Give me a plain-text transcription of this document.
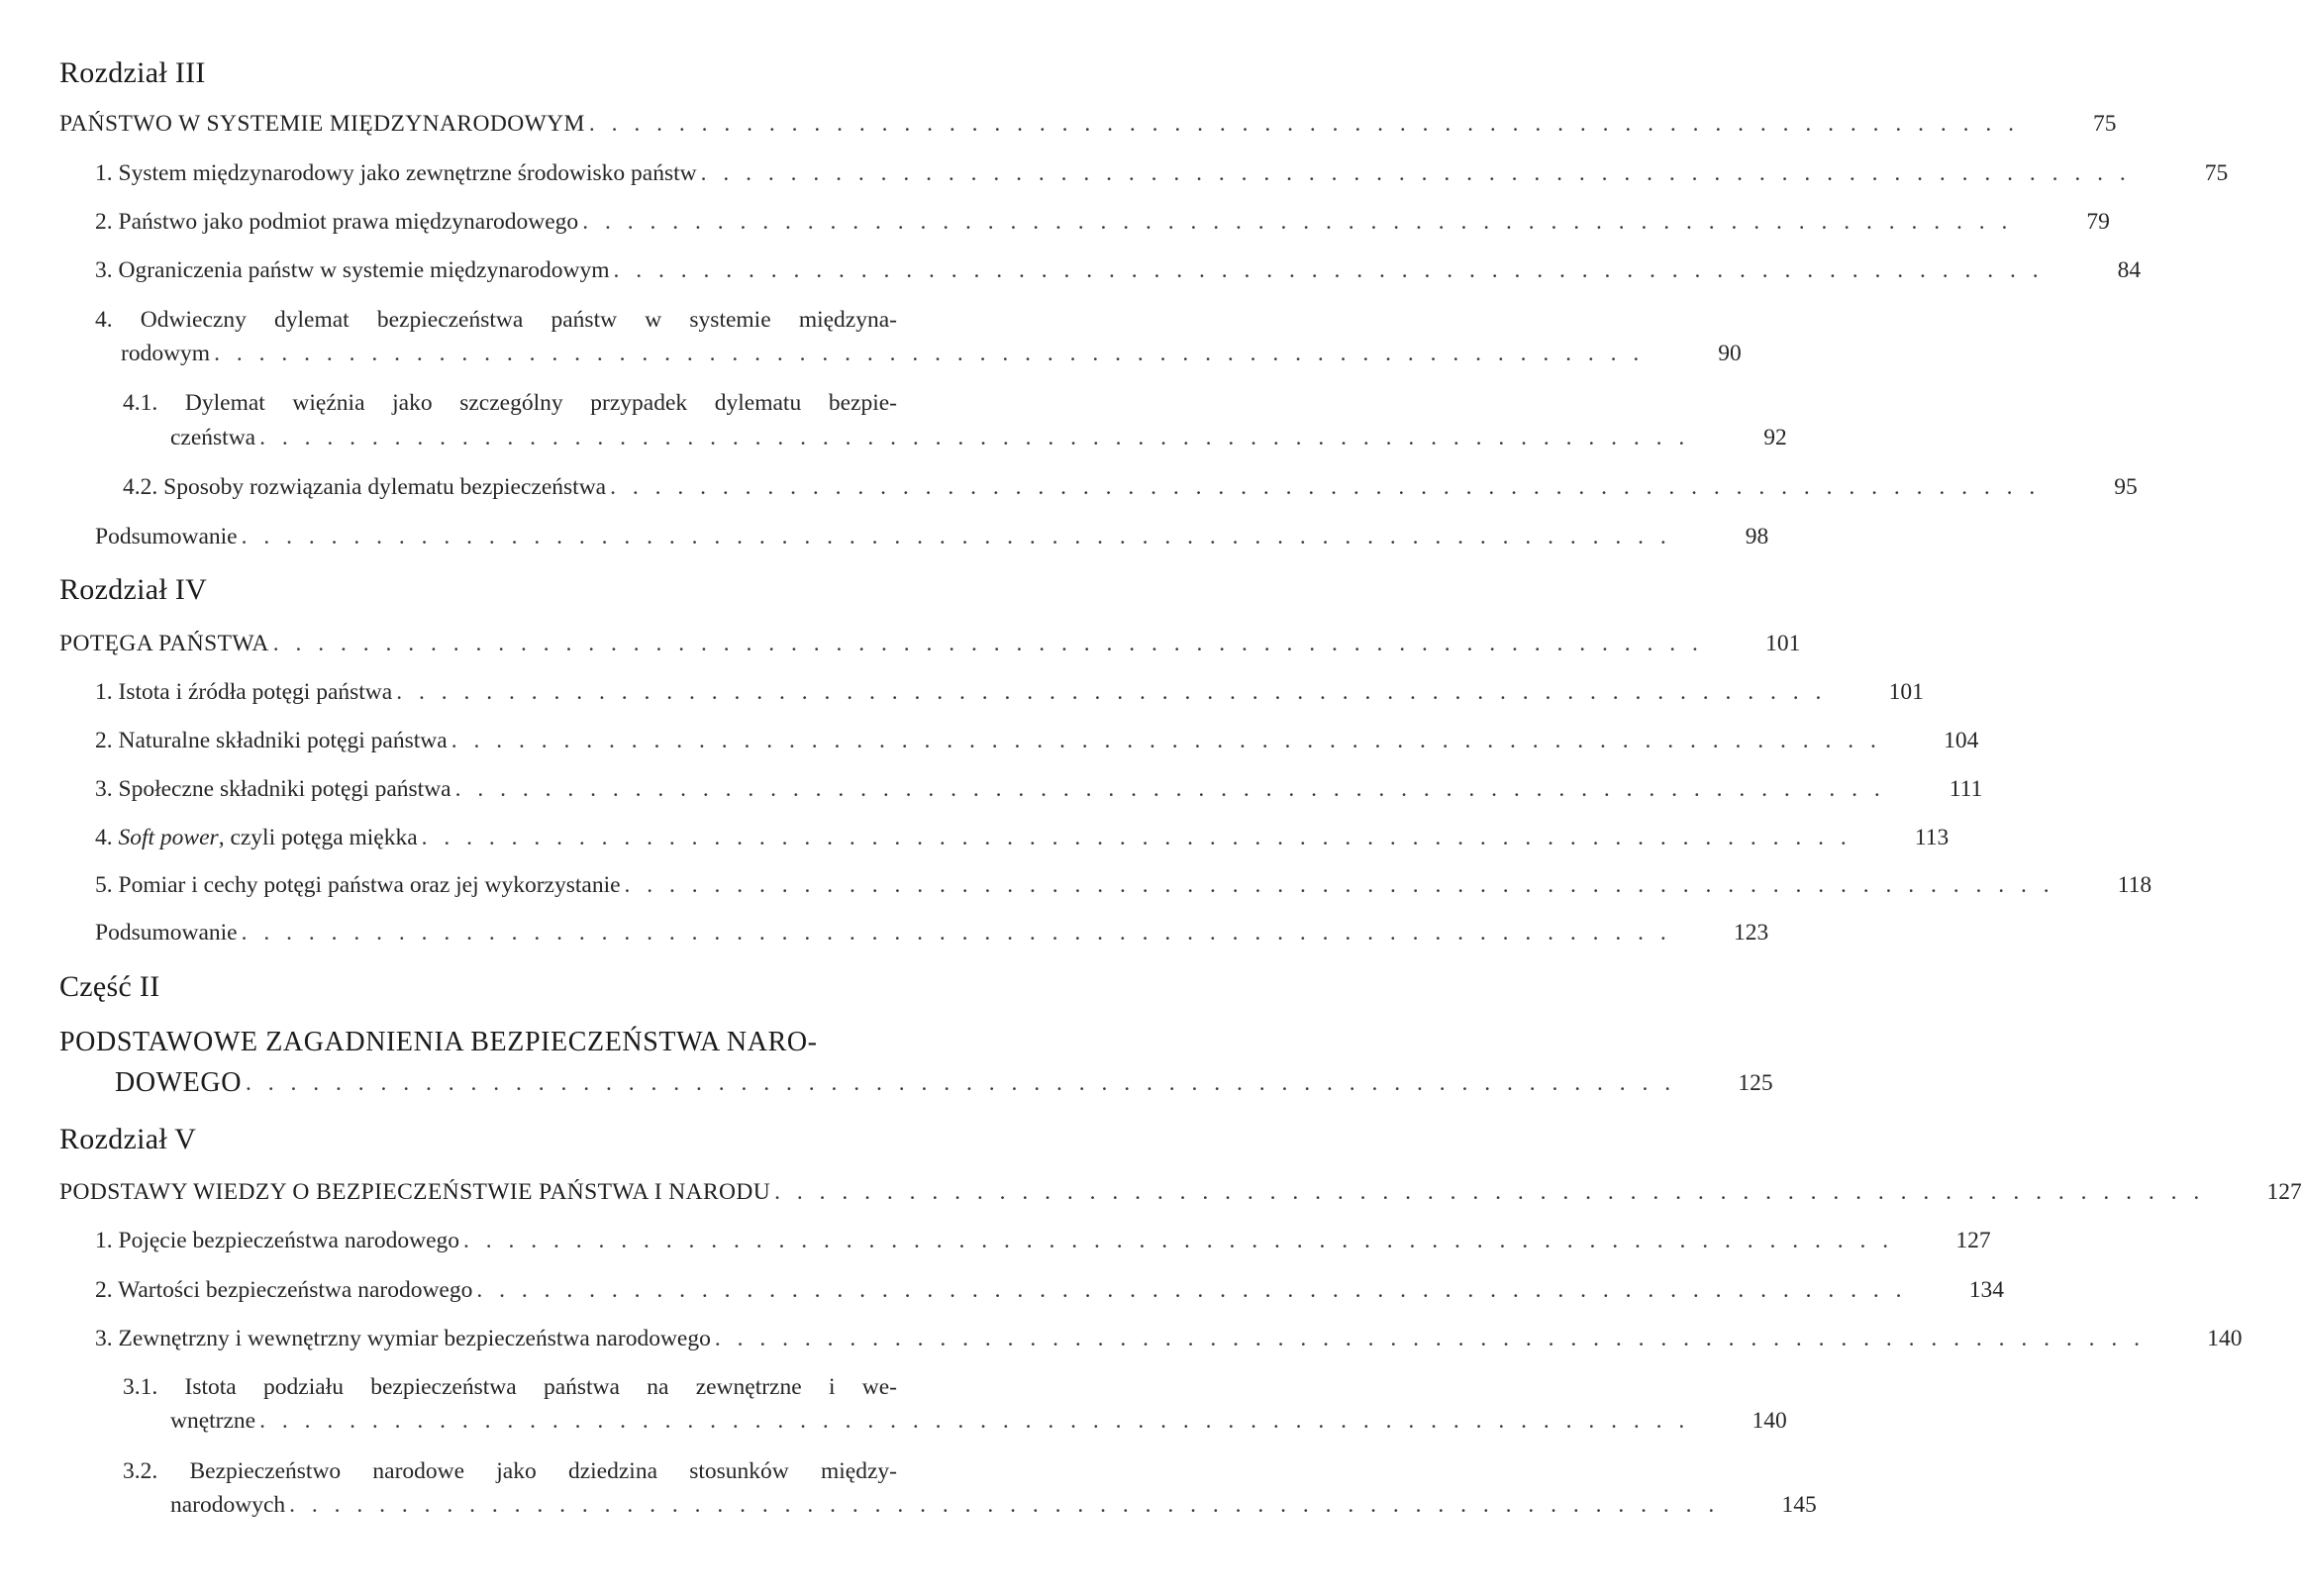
Rozdział III
PAŃSTWO W SYSTEMIE MIĘDZYNARODOWYM . . . . . . . . . . . . . . . . . . . . . . . . . . . . . . . . . . . . . . . . . . . . . . . . . . . . . . . . . . . . . . . .	75
1. System międzynarodowy jako zewnętrzne środowisko państw . . . . . . . . . . . . . . . . . . . . . . . . . . . . . . . . . . . . . . . . . . . . . . . . . . . . . . . . . . . . . . . .	75
2. Państwo jako podmiot prawa międzynarodowego . . . . . . . . . . . . . . . . . . . . . . . . . . . . . . . . . . . . . . . . . . . . . . . . . . . . . . . . . . . . . . . .	79
3. Ograniczenia państw w systemie międzynarodowym . . . . . . . . . . . . . . . . . . . . . . . . . . . . . . . . . . . . . . . . . . . . . . . . . . . . . . . . . . . . . . . .	84
4. Odwieczny dylemat bezpieczeństwa państw w systemie międzyna-
rodowym . . . . . . . . . . . . . . . . . . . . . . . . . . . . . . . . . . . . . . . . . . . . . . . . . . . . . . . . . . . . . . . .	90
4.1. Dylemat więźnia jako szczególny przypadek dylematu bezpie-
czeństwa . . . . . . . . . . . . . . . . . . . . . . . . . . . . . . . . . . . . . . . . . . . . . . . . . . . . . . . . . . . . . . . .	92
4.2. Sposoby rozwiązania dylematu bezpieczeństwa . . . . . . . . . . . . . . . . . . . . . . . . . . . . . . . . . . . . . . . . . . . . . . . . . . . . . . . . . . . . . . . .	95
Podsumowanie . . . . . . . . . . . . . . . . . . . . . . . . . . . . . . . . . . . . . . . . . . . . . . . . . . . . . . . . . . . . . . . .	98
Rozdział IV
POTĘGA PAŃSTWA . . . . . . . . . . . . . . . . . . . . . . . . . . . . . . . . . . . . . . . . . . . . . . . . . . . . . . . . . . . . . . . .	101
1. Istota i źródła potęgi państwa . . . . . . . . . . . . . . . . . . . . . . . . . . . . . . . . . . . . . . . . . . . . . . . . . . . . . . . . . . . . . . . .	101
2. Naturalne składniki potęgi państwa . . . . . . . . . . . . . . . . . . . . . . . . . . . . . . . . . . . . . . . . . . . . . . . . . . . . . . . . . . . . . . . .	104
3. Społeczne składniki potęgi państwa . . . . . . . . . . . . . . . . . . . . . . . . . . . . . . . . . . . . . . . . . . . . . . . . . . . . . . . . . . . . . . . .	111
4. Soft power, czyli potęga miękka . . . . . . . . . . . . . . . . . . . . . . . . . . . . . . . . . . . . . . . . . . . . . . . . . . . . . . . . . . . . . . . .	113
5. Pomiar i cechy potęgi państwa oraz jej wykorzystanie . . . . . . . . . . . . . . . . . . . . . . . . . . . . . . . . . . . . . . . . . . . . . . . . . . . . . . . . . . . . . . . .	118
Podsumowanie . . . . . . . . . . . . . . . . . . . . . . . . . . . . . . . . . . . . . . . . . . . . . . . . . . . . . . . . . . . . . . . .	123
Część II
PODSTAWOWE ZAGADNIENIA BEZPIECZEŃSTWA NARO-
DOWEGO . . . . . . . . . . . . . . . . . . . . . . . . . . . . . . . . . . . . . . . . . . . . . . . . . . . . . . . . . . . . . . . .	125
Rozdział V
PODSTAWY WIEDZY O BEZPIECZEŃSTWIE PAŃSTWA I NARODU . . . . . . . . . . . . . . . . . . . . . . . . . . . . . . . . . . . . . . . . . . . . . . . . . . . . . . . . . . . . . . . .	127
1. Pojęcie bezpieczeństwa narodowego . . . . . . . . . . . . . . . . . . . . . . . . . . . . . . . . . . . . . . . . . . . . . . . . . . . . . . . . . . . . . . . .	127
2. Wartości bezpieczeństwa narodowego . . . . . . . . . . . . . . . . . . . . . . . . . . . . . . . . . . . . . . . . . . . . . . . . . . . . . . . . . . . . . . . .	134
3. Zewnętrzny i wewnętrzny wymiar bezpieczeństwa narodowego . . . . . . . . . . . . . . . . . . . . . . . . . . . . . . . . . . . . . . . . . . . . . . . . . . . . . . . . . . . . . . . .	140
3.1. Istota podziału bezpieczeństwa państwa na zewnętrzne i we-
wnętrzne . . . . . . . . . . . . . . . . . . . . . . . . . . . . . . . . . . . . . . . . . . . . . . . . . . . . . . . . . . . . . . . .	140
3.2. Bezpieczeństwo narodowe jako dziedzina stosunków między-
narodowych . . . . . . . . . . . . . . . . . . . . . . . . . . . . . . . . . . . . . . . . . . . . . . . . . . . . . . . . . . . . . . . .	145
